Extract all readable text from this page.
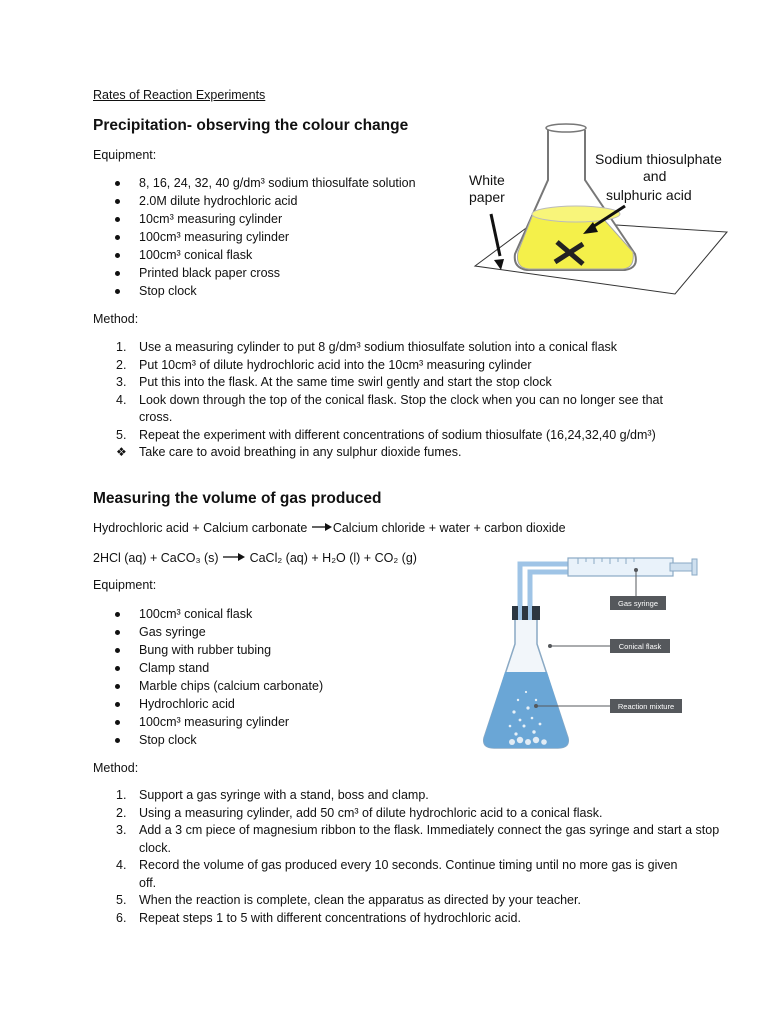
Rates of Reaction Experiments
Precipitation- observing the colour change
Equipment:
8, 16, 24, 32, 40 g/dm³ sodium thiosulfate solution
2.0M dilute hydrochloric acid
10cm³ measuring cylinder
100cm³ measuring cylinder
100cm³ conical flask
Printed black paper cross
Stop clock
Method:
1. Use a measuring cylinder to put 8 g/dm³ sodium thiosulfate solution into a conical flask
2. Put 10cm³ of dilute hydrochloric acid into the 10cm³ measuring cylinder
3. Put this into the flask. At the same time swirl gently and start the stop clock
4. Look down through the top of the conical flask. Stop the clock when you can no longer see that cross.
5. Repeat the experiment with different concentrations of sodium thiosulfate (16,24,32,40 g/dm³)
❖ Take care to avoid breathing in any sulphur dioxide fumes.
White
paper
Sodium thiosulphate
and
sulphuric acid
Measuring the volume of gas produced
Hydrochloric acid + Calcium carbonate →Calcium chloride + water + carbon dioxide
2HCl (aq) + CaCO₃ (s) → CaCl₂ (aq) + H₂O (l) + CO₂ (g)
Equipment:
100cm³ conical flask
Gas syringe
Bung with rubber tubing
Clamp stand
Marble chips (calcium carbonate)
Hydrochloric acid
100cm³ measuring cylinder
Stop clock
Method:
1. Support a gas syringe with a stand, boss and clamp.
2. Using a measuring cylinder, add 50 cm³ of dilute hydrochloric acid to a conical flask.
3. Add a 3 cm piece of magnesium ribbon to the flask. Immediately connect the gas syringe and start a stop clock.
4. Record the volume of gas produced every 10 seconds. Continue timing until no more gas is given off.
5. When the reaction is complete, clean the apparatus as directed by your teacher.
6. Repeat steps 1 to 5 with different concentrations of hydrochloric acid.
Gas syringe
Conical flask
Reaction mixture
